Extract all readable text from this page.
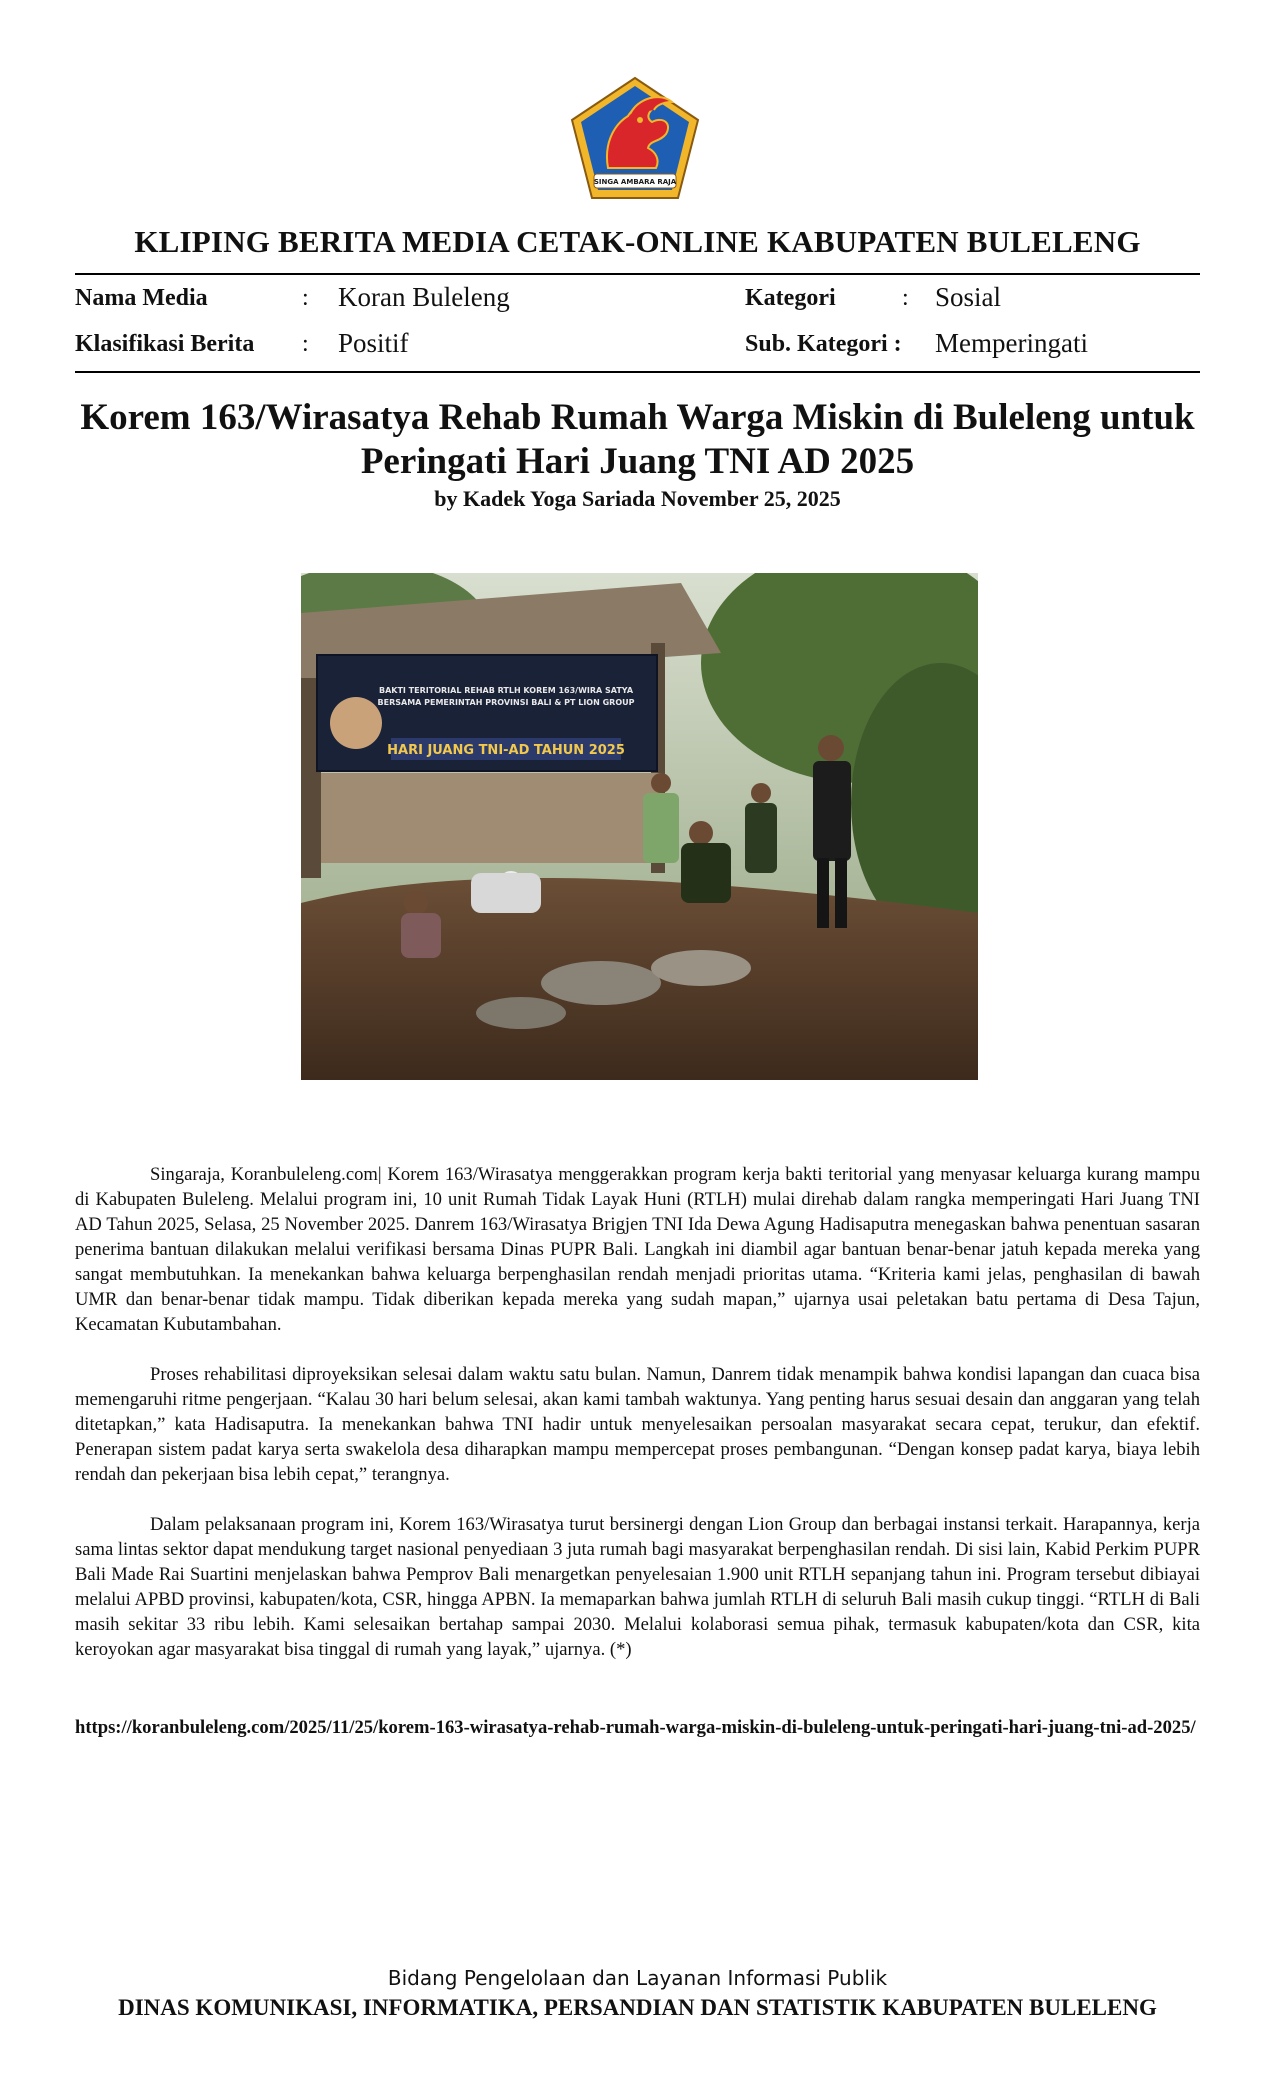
SINGA AMBARA RAJA
KLIPING BERITA MEDIA CETAK-ONLINE KABUPATEN BULELENG
Nama Media	: Koran Buleleng	Kategori	: Sosial
Klasifikasi Berita : Positif	Sub. Kategori : Memperingati
Korem 163/Wirasatya Rehab Rumah Warga Miskin di Buleleng untuk
Peringati Hari Juang TNI AD 2025
by Kadek Yoga Sariada November 25, 2025
BAKTI TERITORIAL REHAB RTLH KOREM 163/WIRA SATYA
BERSAMA PEMERINTAH PROVINSI BALI & PT LION GROUP
HARI JUANG TNI-AD TAHUN 2025

Singaraja, Koranbuleleng.com| Korem 163/Wirasatya menggerakkan program kerja bakti teritorial yang menyasar keluarga kurang mampu di Kabupaten Buleleng. Melalui program ini, 10 unit Rumah Tidak Layak Huni (RTLH) mulai direhab dalam rangka memperingati Hari Juang TNI AD Tahun 2025, Selasa, 25 November 2025. Danrem 163/Wirasatya Brigjen TNI Ida Dewa Agung Hadisaputra menegaskan bahwa penentuan sasaran penerima bantuan dilakukan melalui verifikasi bersama Dinas PUPR Bali. Langkah ini diambil agar bantuan benar-benar jatuh kepada mereka yang sangat membutuhkan. Ia menekankan bahwa keluarga berpenghasilan rendah menjadi prioritas utama. “Kriteria kami jelas, penghasilan di bawah UMR dan benar-benar tidak mampu. Tidak diberikan kepada mereka yang sudah mapan,” ujarnya usai peletakan batu pertama di Desa Tajun, Kecamatan Kubutambahan.

Proses rehabilitasi diproyeksikan selesai dalam waktu satu bulan. Namun, Danrem tidak menampik bahwa kondisi lapangan dan cuaca bisa memengaruhi ritme pengerjaan. “Kalau 30 hari belum selesai, akan kami tambah waktunya. Yang penting harus sesuai desain dan anggaran yang telah ditetapkan,” kata Hadisaputra. Ia menekankan bahwa TNI hadir untuk menyelesaikan persoalan masyarakat secara cepat, terukur, dan efektif. Penerapan sistem padat karya serta swakelola desa diharapkan mampu mempercepat proses pembangunan. “Dengan konsep padat karya, biaya lebih rendah dan pekerjaan bisa lebih cepat,” terangnya.

Dalam pelaksanaan program ini, Korem 163/Wirasatya turut bersinergi dengan Lion Group dan berbagai instansi terkait. Harapannya, kerja sama lintas sektor dapat mendukung target nasional penyediaan 3 juta rumah bagi masyarakat berpenghasilan rendah. Di sisi lain, Kabid Perkim PUPR Bali Made Rai Suartini menjelaskan bahwa Pemprov Bali menargetkan penyelesaian 1.900 unit RTLH sepanjang tahun ini. Program tersebut dibiayai melalui APBD provinsi, kabupaten/kota, CSR, hingga APBN. Ia memaparkan bahwa jumlah RTLH di seluruh Bali masih cukup tinggi. “RTLH di Bali masih sekitar 33 ribu lebih. Kami selesaikan bertahap sampai 2030. Melalui kolaborasi semua pihak, termasuk kabupaten/kota dan CSR, kita keroyokan agar masyarakat bisa tinggal di rumah yang layak,” ujarnya. (*)

https://koranbuleleng.com/2025/11/25/korem-163-wirasatya-rehab-rumah-warga-miskin-di-buleleng-untuk-peringati-hari-juang-tni-ad-2025/
Bidang Pengelolaan dan Layanan Informasi Publik
DINAS KOMUNIKASI, INFORMATIKA, PERSANDIAN DAN STATISTIK KABUPATEN BULELENG
